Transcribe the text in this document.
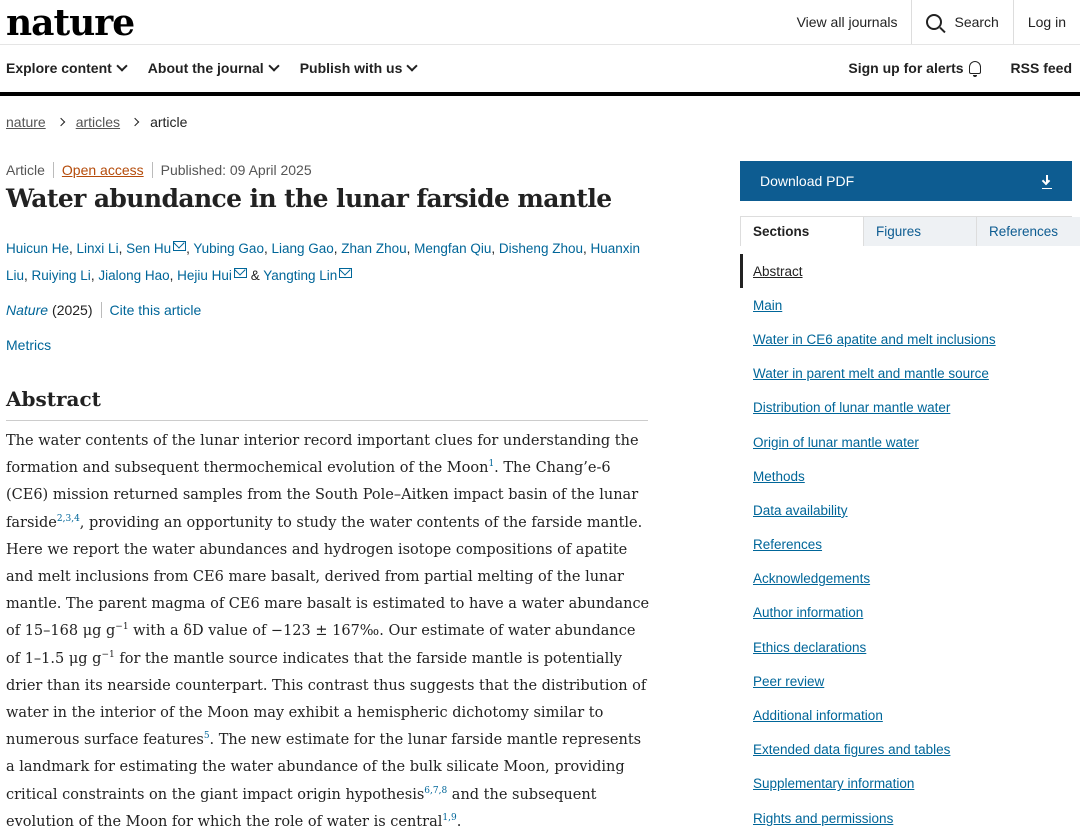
nature	View all journals	Search	Log in
Explore content	About the journal	Publish with us	Sign up for alerts	RSS feed
nature articles article
Article Open access Published: 09 April 2025
Water abundance in the lunar farside mantle
Huicun He, Linxi Li, Sen Hu , Yubing Gao, Liang Gao, Zhan Zhou, Mengfan Qiu, Disheng Zhou, Huanxin Liu, Ruiying Li, Jialong Hao, Hejiu Hui & Yangting Lin
Nature (2025) Cite this article
Metrics
Abstract
The water contents of the lunar interior record important clues for understanding the formation and subsequent thermochemical evolution of the Moon$^1$. The Chang’e-6 (CE6) mission returned samples from the South Pole–Aitken impact basin of the lunar farside$^{2,3,4}$, providing an opportunity to study the water contents of the farside mantle. Here we report the water abundances and hydrogen isotope compositions of apatite and melt inclusions from CE6 mare basalt, derived from partial melting of the lunar mantle. The parent magma of CE6 mare basalt is estimated to have a water abundance of 15–168 μg $g^{-1}$ with a δD value of −123 ± 167‰. Our estimate of water abundance of 1–1.5 μg $g^{-1}$ for the mantle source indicates that the farside mantle is potentially drier than its nearside counterpart. This contrast thus suggests that the distribution of water in the interior of the Moon may exhibit a hemispheric dichotomy similar to numerous surface features$^5$. The new estimate for the lunar farside mantle represents a landmark for estimating the water abundance of the bulk silicate Moon, providing critical constraints on the giant impact origin hypothesis$^{6,7,8}$ and the subsequent evolution of the Moon for which the role of water is central$^{1,9}$.
Download PDF
Sections	Figures	References
Abstract
Main
Water in CE6 apatite and melt inclusions
Water in parent melt and mantle source
Distribution of lunar mantle water
Origin of lunar mantle water
Methods
Data availability
References
Acknowledgements
Author information
Ethics declarations
Peer review
Additional information
Extended data figures and tables
Supplementary information
Rights and permissions
